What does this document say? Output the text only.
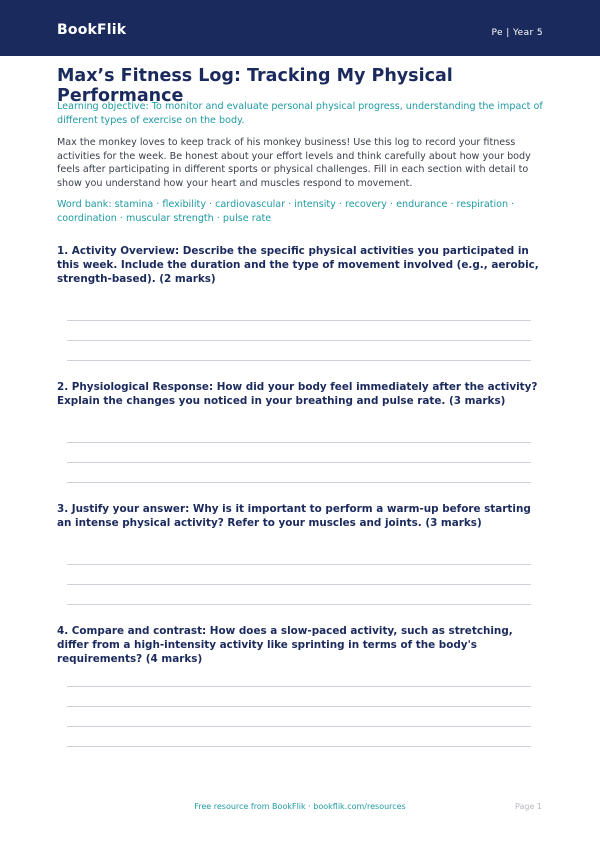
BookFlik	Pe | Year 5
Max’s Fitness Log: Tracking My Physical Performance
Learning objective: To monitor and evaluate personal physical progress, understanding the impact of different types of exercise on the body.
Max the monkey loves to keep track of his monkey business! Use this log to record your fitness activities for the week. Be honest about your effort levels and think carefully about how your body feels after participating in different sports or physical challenges. Fill in each section with detail to show you understand how your heart and muscles respond to movement.
Word bank: stamina · flexibility · cardiovascular · intensity · recovery · endurance · respiration · coordination · muscular strength · pulse rate
1. Activity Overview: Describe the specific physical activities you participated in this week. Include the duration and the type of movement involved (e.g., aerobic, strength-based). (2 marks)
2. Physiological Response: How did your body feel immediately after the activity? Explain the changes you noticed in your breathing and pulse rate. (3 marks)
3. Justify your answer: Why is it important to perform a warm-up before starting an intense physical activity? Refer to your muscles and joints. (3 marks)
4. Compare and contrast: How does a slow-paced activity, such as stretching, differ from a high-intensity activity like sprinting in terms of the body's requirements? (4 marks)
Free resource from BookFlik · bookflik.com/resources	Page 1
